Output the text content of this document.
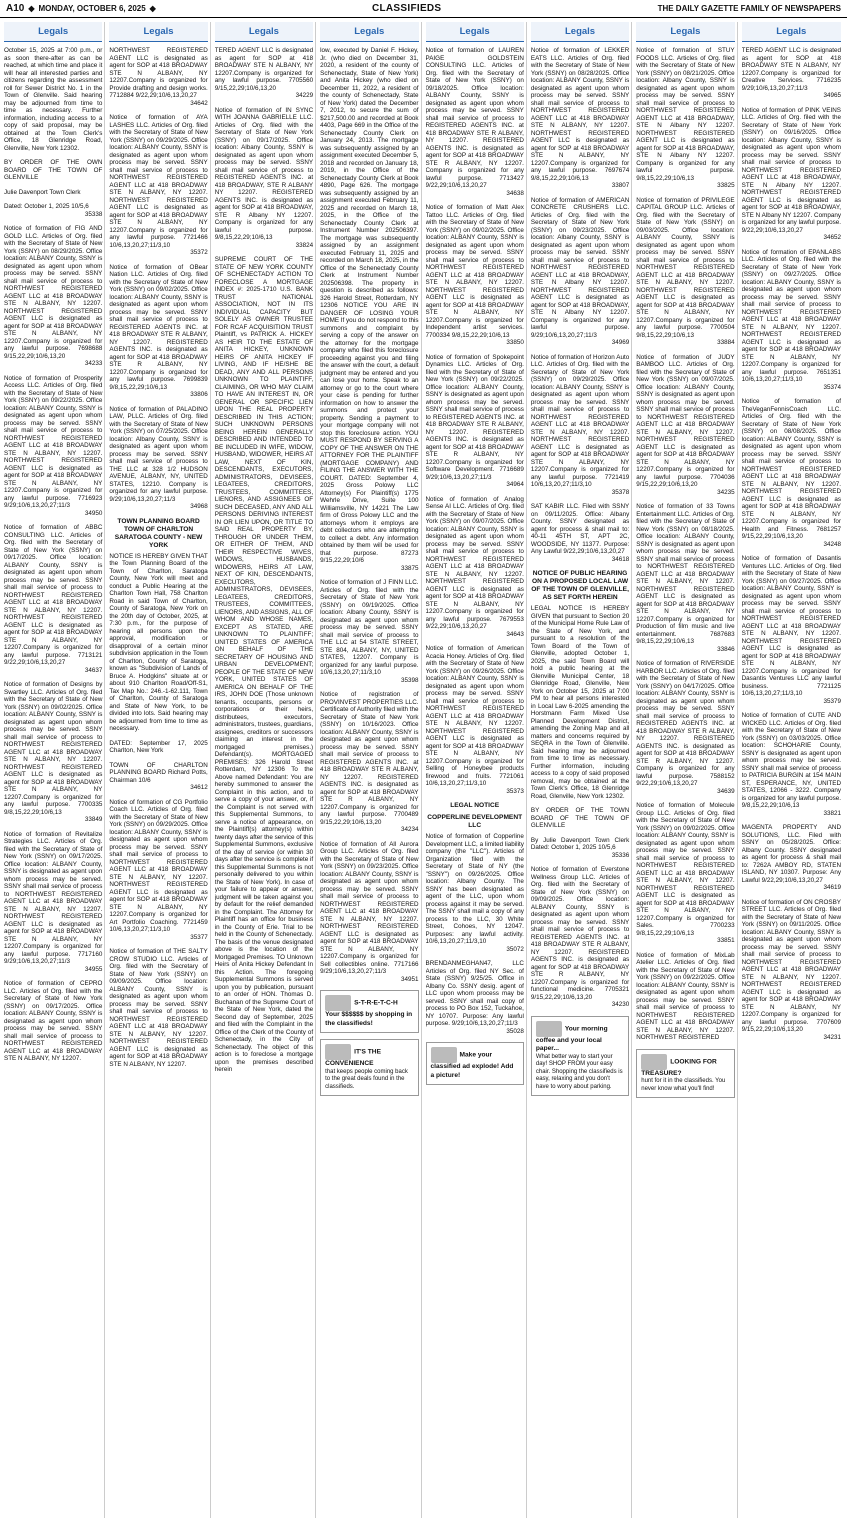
A10 ◆ MONDAY, OCTOBER 6, 2025 ◆	CLASSIFIEDS	THE DAILY GAZETTE FAMILY OF NEWSPAPERS
Legals
October 15, 2025 at 7:00 p.m., or as soon there-after as can be reached, at which time and place it will hear all interested parties and citizens regarding the assessment roll for Sewer District No. 1 in the Town of Glenville. Said hearing may be adjourned from time to time as necessary. Further information, including access to a copy of said proposal, may be obtained at the Town Clerk's Office, 18 Glenridge Road, Glenville, New York 12302.
BY ORDER OF THE OWN BOARD OF THE TOWN OF GLENVILLE
Julie Davenport Town Clerk
Dated: October 1, 2025 10/5,6
35338
Notice of formation of FIG AND GOLD LLC. Articles of Org. filed with the Secretary of State of New York (SSNY) on 08/29/2025. Office location: ALBANY County, SSNY is designated as agent upon whom process may be served. SSNY shall mail service of process to NORTHWEST REGISTERED AGENT LLC at 418 BROADWAY STE N ALBANY, NY 12207. NORTHWEST REGISTERED AGENT LLC is designated as agent for SOP at 418 BROADWAY STE N ALBANY, NY 12207.Company is organized for any lawful purpose. 7698688 9/15,22,29;10/6,13,20
34233
Notice of formation of Prosperity Access LLC. Articles of Org. filed with the Secretary of State of New York (SSNY) on 09/22/2025. Office location: ALBANY County, SSNY is designated as agent upon whom process may be served. SSNY shall mail service of process to NORTHWEST REGISTERED AGENT LLC at 418 BROADWAY STE N ALBANY, NY 12207. NORTHWEST REGISTERED AGENT LLC is designated as agent for SOP at 418 BROADWAY STE N ALBANY, NY 12207.Company is organized for any lawful purpose. 7716923 9/29;10/6,13,20,27;11/3
34950
Notice of formation of ABBC CONSULTING LLC. Articles of Org. filed with the Secretary of State of New York (SSNY) on 09/17/2025. Office location: ALBANY County, SSNY is designated as agent upon whom process may be served. SSNY shall mail service of process to NORTHWEST REGISTERED AGENT LLC at 418 BROADWAY STE N ALBANY, NY 12207. NORTHWEST REGISTERED AGENT LLC is designated as agent for SOP at 418 BROADWAY STE N ALBANY, NY 12207.Company is organized for any lawful purpose. 7713121 9/22,29;10/6,13,20,27
34637
Notice of formation of Designs by Swartley LLC. Articles of Org. filed with the Secretary of State of New York (SSNY) on 09/02/2025. Office location: ALBANY County, SSNY is designated as agent upon whom process may be served. SSNY shall mail service of process to NORTHWEST REGISTERED AGENT LLC at 418 BROADWAY STE N ALBANY, NY 12207. NORTHWEST REGISTERED AGENT LLC is designated as agent for SOP at 418 BROADWAY STE N ALBANY, NY 12207.Company is organized for any lawful purpose. 7700335 9/8,15,22,29;10/6,13
33849
Notice of formation of Revitalize Strategies LLC. Articles of Org. filed with the Secretary of State of New York (SSNY) on 09/17/2025. Office location: ALBANY County, SSNY is designated as agent upon whom process may be served. SSNY shall mail service of process to NORTHWEST REGISTERED AGENT LLC at 418 BROADWAY STE N ALBANY, NY 12207. NORTHWEST REGISTERED AGENT LLC is designated as agent for SOP at 418 BROADWAY STE N ALBANY, NY 12207.Company is organized for any lawful purpose. 7717160 9/29;10/6,13,20,27;11/3
34955
Notice of formation of CEPRO LLC. Articles of Org. filed with the Secretary of State of New York (SSNY) on 09/17/2025. Office location: ALBANY County, SSNY is designated as agent upon whom process may be served. SSNY shall mail service of process to NORTHWEST REGISTERED AGENT LLC at 418 BROADWAY STE N ALBANY, NY 12207.
Legals
NORTHWEST REGISTERED AGENT LLC is designated as agent for SOP at 418 BROADWAY STE N ALBANY, NY 12207.Company is organized for Provide drafting and design works. 7712884 9/22,29;10/6,13,20,27
34642
Notice of formation of AYA LASHES LLC. Articles of Org. filed with the Secretary of State of New York (SSNY) on 09/29/2025. Office location: ALBANY County, SSNY is designated as agent upon whom process may be served. SSNY shall mail service of process to NORTHWEST REGISTERED AGENT LLC at 418 BROADWAY STE N ALBANY, NY 12207. NORTHWEST REGISTERED AGENT LLC is designated as agent for SOP at 418 BROADWAY STE N ALBANY, NY 12207.Company is organized for any lawful purpose. 7721466 10/6,13,20,27;11/3,10
35372
Notice of formation of OBear Nation LLC. Articles of Org. filed with the Secretary of State of New York (SSNY) on 09/02/2025. Office location: ALBANY County, SSNY is designated as agent upon whom process may be served. SSNY shall mail service of process to REGISTERED AGENTS INC. at 418 BROADWAY STE R ALBANY, NY 12207. REGISTERED AGENTS INC. is designated as agent for SOP at 418 BROADWAY STE R ALBANY, NY 12207.Company is organized for any lawful purpose. 7699839 9/8,15,22,29;10/6,13
33806
Notice of formation of PALADINO LAW, PLLC. Articles of Org. filed with the Secretary of State of New York (SSNY) on 07/25/2025. Office location: Albany County, SSNY is designated as agent upon whom process may be served. SSNY shall mail service of process to THE LLC at 328 1/2 HUDSON AVENUE, ALBANY, NY, UNITED STATES, 12210. Company is organized for any lawful purpose. 9/29;10/6,13,20,27;11/3
34968
TOWN PLANNING BOARD TOWN OF CHARLTON SARATOGA COUNTY - NEW YORK
NOTICE IS HEREBY GIVEN THAT the Town Planning Board of the Town of Charlton, Saratoga County, New York will meet and conduct a Public Hearing at the Charlton Town Hall, 758 Charlton Road in said Town of Charlton, County of Saratoga, New York on the 20th day of October, 2025, at 7:30 p.m., for the purpose of hearing all persons upon the approval, modification or disapproval of a certain minor subdivision application in the Town of Charlton, County of Saratoga, known as "Subdivision of Lands of Bruce A. Hodgkins" situate at or about 910 Charlton Road/Off-S1, Tax Map No.: 246.-1-62.111, Town of Charlton, County of Saratoga and State of New York, to be divided into lots. Said hearing may be adjourned from time to time as necessary.
DATED: September 17, 2025 Charlton, New York
TOWN OF CHARLTON PLANNING BOARD Richard Potts, Chairman 10/6
34612
Notice of formation of CG Portfolio Coach LLC. Articles of Org. filed with the Secretary of State of New York (SSNY) on 09/29/2025. Office location: ALBANY County, SSNY is designated as agent upon whom process may be served. SSNY shall mail service of process to NORTHWEST REGISTERED AGENT LLC at 418 BROADWAY STE N ALBANY, NY 12207. NORTHWEST REGISTERED AGENT LLC is designated as agent for SOP at 418 BROADWAY STE N ALBANY, NY 12207.Company is organized for Art Portfolio Coaching. 7721459 10/6,13,20,27;11/3,10
35377
Notice of formation of THE SALTY CROW STUDIO LLC. Articles of Org. filed with the Secretary of State of New York (SSNY) on 09/09/2025. Office location: ALBANY County, SSNY is designated as agent upon whom process may be served. SSNY shall mail service of process to NORTHWEST REGISTERED AGENT LLC at 418 BROADWAY STE N ALBANY, NY 12207. NORTHWEST REGISTERED AGENT LLC is designated as agent for SOP at 418 BROADWAY STE N ALBANY, NY 12207.
Legals
TERED AGENT LLC is designated as agent for SOP at 418 BROADWAY STE N ALBANY, NY 12207.Company is organized for any lawful purpose. 7705560 9/15,22,29;10/6,13,20
34229
Notice of formation of IN SYNC WITH JOANNA GABRIELLE LLC. Articles of Org. filed with the Secretary of State of New York (SSNY) on 09/17/2025. Office location: Albany County, SSNY is designated as agent upon whom process may be served. SSNY shall mail service of process to REGISTERED AGENTS INC. at 418 BROADWAY, STE R ALBANY NY 12207. REGISTERED AGENTS INC. is designated as agent for SOP at 418 BROADWAY, STE R Albany NY 12207. Company is organized for any lawful purpose. 9/8,15,22,29;10/6,13
33824
SUPREME COURT OF THE STATE OF NEW YORK COUNTY OF SCHENECTADY ACTION TO FORECLOSE A MORTGAGE INDEX #: 2025-1710 U.S. BANK TRUST NATIONAL ASSOCIATION, NOT IN ITS INDIVIDUAL CAPACITY BUT SOLELY AS OWNER TRUSTEE FOR RCAF ACQUISITION TRUST Plaintiff, vs PATRICK A. HICKEY AS HEIR TO THE ESTATE OF ANITA HICKEY, UNKNOWN HEIRS OF ANITA HICKEY IF LIVING, AND IF HE/SHE BE DEAD, ANY AND ALL PERSONS UNKNOWN TO PLAINTIFF, CLAIMING, OR WHO MAY CLAIM TO HAVE AN INTEREST IN, OR GENERAL OR SPECIFIC LIEN UPON THE REAL PROPERTY DESCRIBED IN THIS ACTION; SUCH UNKNOWN PERSONS BEING HEREIN GENERALLY DESCRIBED AND INTENDED TO BE INCLUDED IN WIFE, WIDOW, HUSBAND, WIDOWER, HEIRS AT LAW, NEXT OF KIN, DESCENDANTS, EXECUTORS, ADMINISTRATORS, DEVISEES, LEGATEES, CREDITORS, TRUSTEES, COMMITTEES, LIENORS, AND ASSIGNEES OF SUCH DECEASED, ANY AND ALL PERSONS DERIVING INTEREST IN OR LIEN UPON, OR TITLE TO SAID REAL PROPERTY BY, THROUGH OR UNDER THEM, OR EITHER OF THEM, AND THEIR RESPECTIVE WIVES, WIDOWS, HUSBANDS, WIDOWERS, HEIRS AT LAW, NEXT OF KIN, DESCENDANTS, EXECUTORS, ADMINISTRATORS, DEVISEES, LEGATEES, CREDITORS, TRUSTEES, COMMITTEES, LIENORS, AND ASSIGNS, ALL OF WHOM AND WHOSE NAMES, EXCEPT AS STATED, ARE UNKNOWN TO PLAINTIFF; UNITED STATES OF AMERICA ON BEHALF OF THE SECRETARY OF HOUSING AND URBAN DEVELOPMENT; PEOPLE OF THE STATE OF NEW YORK, UNITED STATES OF AMERICA ON BEHALF OF THE IRS, JOHN DOE (Those unknown tenants, occupants, persons or corporations or their heirs, distributees, executors, administrators, trustees, guardians, assignees, creditors or successors claiming an interest in the mortgaged premises.) Defendant(s). MORTGAGED PREMISES: 326 Harold Street Rotterdam, NY 12306 To the Above named Defendant: You are hereby summoned to answer the Complaint in this action, and to serve a copy of your answer, or, if the Complaint is not served with this Supplemental Summons, to serve a notice of appearance, on the Plaintiff(s) attorney(s) within twenty days after the service of this Supplemental Summons, exclusive of the day of service (or within 30 days after the service is complete if this Supplemental Summons is not personally delivered to you within the State of New York). In case of your failure to appear or answer, judgment will be taken against you by default for the relief demanded in the Complaint. The Attorney for Plaintiff has an office for business in the County of Erie. Trial to be held in the County of Schenectady. The basis of the venue designated above is the location of the Mortgaged Premises. TO Unknown Heirs of Anita Hickey Defendant In this Action. The foregoing Supplemental Summons is served upon you by publication, pursuant to an order of HON. Thomas D. Buchanan of the Supreme Court of the State of New York, dated the Second day of September, 2025 and filed with the Complaint in the Office of the Clerk of the County of Schenectady, in the City of Schenectady. The object of this action is to foreclose a mortgage upon the premises described herein
Legals
low, executed by Daniel F. Hickey, Jr. (who died on December 31, 2020, a resident of the county of Schenectady, State of New York) and Anita Hickey (who died on December 11, 2022, a resident of the county of Schenectady, State of New York) dated the December 7, 2012, to secure the sum of $217,500.00 and recorded at Book 4403, Page 669 in the Office of the Schenectady County Clerk on January 24, 2013. The mortgage was subsequently assigned by an assignment executed December 5, 2018 and recorded on January 18, 2019, in the Office of the Schenectady County Clerk at Book 4890, Page 626. The mortgage was subsequently assigned by an assignment executed February 11, 2025 and recorded on March 18, 2025, in the Office of the Schenectady County Clerk at Instrument Number 202506397. The mortgage was subsequently assigned by an assignment executed February 11, 2025 and recorded on March 18, 2025, in the Office of the Schenectady County Clerk at Instrument Number 202506398. The property in question is described as follows: 326 Harold Street, Rotterdam, NY 12306 NOTICE YOU ARE IN DANGER OF LOSING YOUR HOME If you do not respond to this summons and complaint by serving a copy of the answer on the attorney for the mortgage company who filed this foreclosure proceeding against you and filing the answer with the court, a default judgment may be entered and you can lose your home. Speak to an attorney or go to the court where your case is pending for further information on how to answer the summons and protect your property. Sending a payment to your mortgage company will not stop this foreclosure action. YOU MUST RESPOND BY SERVING A COPY OF THE ANSWER ON THE ATTORNEY FOR THE PLAINTIFF (MORTGAGE COMPANY) AND FILING THE ANSWER WITH THE COURT. DATED: September 4, 2025 Gross Polowy LLC Attorney(s) For Plaintiff(s) 1775 Wehrle Drive, Suite 100 Williamsville, NY 14221 The Law firm of Gross Polowy LLC and the attorneys whom it employs are debt collectors who are attempting to collect a debt. Any information obtained by them will be used for that purpose. 87273 9/15,22,29;10/6
33875
Notice of formation of J FINN LLC. Articles of Org. filed with the Secretary of State of New York (SSNY) on 09/19/2025. Office location: Albany County, SSNY is designated as agent upon whom process may be served. SSNY shall mail service of process to THE LLC at 54 STATE STREET, STE 804, ALBANY, NY, UNITED STATES, 12207. Company is organized for any lawful purpose. 10/6,13,20,27;11/3,10
35398
Notice of registration of PROVINVEST PROPERTIES LLC. Certificate of Authority filed with the Secretary of State of New York (SSNY) on 10/16/2023. Office location: ALBANY County, SSNY is designated as agent upon whom process may be served. SSNY shall mail service of process to REGISTERED AGENTS INC. at 418 BROADWAY STE R ALBANY, NY 12207. REGISTERED AGENTS INC. is designated as agent for SOP at 418 BROADWAY STE R ALBANY, NY 12207.Company is organized for any lawful purpose. 7700489 9/15,22,29;10/6,13,20
34234
Notice of formation of All Aurora Group LLC. Articles of Org. filed with the Secretary of State of New York (SSNY) on 09/23/2025. Office location: ALBANY County, SSNY is designated as agent upon whom process may be served. SSNY shall mail service of process to NORTHWEST REGISTERED AGENT LLC at 418 BROADWAY STE N ALBANY, NY 12207. NORTHWEST REGISTERED AGENT LLC is designated as agent for SOP at 418 BROADWAY STE N ALBANY, NY 12207.Company is organized for Sell collectibles online. 7717166 9/29;10/6,13,20,27;11/3
34951
S-T-R-E-T-C-H Your $$$$$$ by shopping in the classifieds!
IT'S THE CONVENIENCE
that keeps people coming back to the great deals found in the classifieds.
Legals
Notice of formation of LAUREN PAIGE GOLDSTEIN CONSULTING LLC. Articles of Org. filed with the Secretary of State of New York (SSNY) on 09/18/2025. Office location: ALBANY County, SSNY is designated as agent upon whom process may be served. SSNY shall mail service of process to REGISTERED AGENTS INC. at 418 BROADWAY STE R ALBANY, NY 12207. REGISTERED AGENTS INC. is designated as agent for SOP at 418 BROADWAY STE R ALBANY, NY 12207. Company is organized for any lawful purpose. 7713427 9/22,29;10/6,13,20,27
34638
Notice of formation of Matt Alex Tattoo LLC. Articles of Org. filed with the Secretary of State of New York (SSNY) on 09/02/2025. Office location: ALBANY County, SSNY is designated as agent upon whom process may be served. SSNY shall mail service of process to NORTHWEST REGISTERED AGENT LLC at 418 BROADWAY STE N ALBANY, NY 12207. NORTHWEST REGISTERED AGENT LLC is designated as agent for SOP at 418 BROADWAY STE N ALBANY, NY 12207.Company is organized for Independent artist services. 7700334 9/8,15,22,29;10/6,13
33850
Notice of formation of Spokepoint Dynamics LLC. Articles of Org. filed with the Secretary of State of New York (SSNY) on 09/22/2025. Office location: ALBANY County, SSNY is designated as agent upon whom process may be served. SSNY shall mail service of process to REGISTERED AGENTS INC. at 418 BROADWAY STE R ALBANY, NY 12207. REGISTERED AGENTS INC. is designated as agent for SOP at 418 BROADWAY STE R ALBANY, NY 12207.Company is organized for Software Development. 7716689 9/29;10/6,13,20,27;11/3
34964
Notice of formation of Analog Sense AI LLC. Articles of Org. filed with the Secretary of State of New York (SSNY) on 09/07/2025. Office location: ALBANY County, SSNY is designated as agent upon whom process may be served. SSNY shall mail service of process to NORTHWEST REGISTERED AGENT LLC at 418 BROADWAY STE N ALBANY, NY 12207. NORTHWEST REGISTERED AGENT LLC is designated as agent for SOP at 418 BROADWAY STE N ALBANY, NY 12207.Company is organized for any lawful purpose. 7679553 9/22,29;10/6,13,20,27
34643
Notice of formation of American Acacia Honey. Articles of Org. filed with the Secretary of State of New York (SSNY) on 09/26/2025. Office location: ALBANY County, SSNY is designated as agent upon whom process may be served. SSNY shall mail service of process to NORTHWEST REGISTERED AGENT LLC at 418 BROADWAY STE N ALBANY, NY 12207. NORTHWEST REGISTERED AGENT LLC is designated as agent for SOP at 418 BROADWAY STE N ALBANY, NY 12207.Company is organized for Selling of Honeybee products firewood and fruits. 7721061 10/6,13,20,27;11/3,10
35373
LEGAL NOTICE
COPPERLINE DEVELOPMENT LLC
Notice of formation of Copperline Development LLC, a limited liability company (the "LLC"). Articles of Organization filed with the Secretary of State of NY (the "SSNY") on 09/26/2025. Office location: Albany County. The SSNY has been designated as agent of the LLC, upon whom process against it may be served. The SSNY shall mail a copy of any process to the LLC, 30 White Street, Cohoes, NY 12047. Purposes: any lawful activity. 10/6,13,20,27;11/3,10
35072
BRENDANMEGHAN47, LLC Articles of Org. filed NY Sec. of State (SSNY) 9/25/25. Office in Albany Co. SSNY desig. agent of LLC upon whom process may be served. SSNY shall mail copy of process to PO Box 152, Tuckahoe, NY 10707. Purpose: Any lawful purpose. 9/29;10/6,13,20,27;11/3
35028
Make your classified ad explode! Add a picture!
Legals
Notice of formation of LEKKER EATS LLC. Articles of Org. filed with the Secretary of State of New York (SSNY) on 08/28/2025. Office location: ALBANY County, SSNY is designated as agent upon whom process may be served. SSNY shall mail service of process to NORTHWEST REGISTERED AGENT LLC at 418 BROADWAY STE N ALBANY, NY 12207. NORTHWEST REGISTERED AGENT LLC is designated as agent for SOP at 418 BROADWAY STE N ALBANY, NY 12207.Company is organized for any lawful purpose. 7697674 9/8,15,22,29;10/6,13
33807
Notice of formation of AMERICAN CONCRETE CRUSHERS LLC. Articles of Org. filed with the Secretary of State of New York (SSNY) on 09/23/2025. Office location: Albany County, SSNY is designated as agent upon whom process may be served. SSNY shall mail service of process to NORTHWEST REGISTERED AGENT LLC at 418 BROADWAY, STE N Albany NY 12207. NORTHWEST REGISTERED AGENT LLC is designated as agent for SOP at 418 BROADWAY, STE N Albany NY 12207. Company is organized for any lawful purpose. 9/29;10/6,13,20,27;11/3
34969
Notice of formation of Horizon Auto LLC. Articles of Org. filed with the Secretary of State of New York (SSNY) on 09/29/2025. Office location: ALBANY County, SSNY is designated as agent upon whom process may be served. SSNY shall mail service of process to NORTHWEST REGISTERED AGENT LLC at 418 BROADWAY STE N ALBANY, NY 12207. NORTHWEST REGISTERED AGENT LLC is designated as agent for SOP at 418 BROADWAY STE N ALBANY, NY 12207.Company is organized for any lawful purpose. 7721419 10/6,13,20,27;11/3,10
35378
SAT KABIR LLC. Filed with SSNY on 09/11/2025. Office: Albany County. SSNY designated as agent for process & shall mail to: 40-11 45TH ST, APT 2C, WOODSIDE, NY 11377. Purpose: Any Lawful 9/22,29;10/6,13,20,27
34618
NOTICE OF PUBLIC HEARING ON A PROPOSED LOCAL LAW OF THE TOWN OF GLENVILLE, AS SET FORTH HEREIN
LEGAL NOTICE IS HEREBY GIVEN that pursuant to Section 20 of the Municipal Home Rule Law of the State of New York, and pursuant to a resolution of the Town Board of the Town of Glenville, adopted October 1, 2025, the said Town Board will hold a public hearing at the Glenville Municipal Center, 18 Glenridge Road, Glenville, New York on October 15, 2025 at 7:00 PM to hear all persons interested in Local Law 6-2025 amending the Horstmann Farm Mixed Use Planned Development District, amending the Zoning Map and all matters and concerns required by SEQRA in the Town of Glenville. Said hearing may be adjourned from time to time as necessary. Further information, including access to a copy of said proposed removal, may be obtained at the Town Clerk's Office, 18 Glenridge Road, Glenville, New York 12302.
BY ORDER OF THE TOWN BOARD OF THE TOWN OF GLENVILLE
By Julie Davenport Town Clerk Dated: October 1, 2025 10/5,6
35336
Notice of formation of Everstone Wellness Group LLC. Articles of Org. filed with the Secretary of State of New York (SSNY) on 09/09/2025. Office location: ALBANY County, SSNY is designated as agent upon whom process may be served. SSNY shall mail service of process to REGISTERED AGENTS INC. at 418 BROADWAY STE R ALBANY, NY 12207. REGISTERED AGENTS INC. is designated as agent for SOP at 418 BROADWAY STE R ALBANY, NY 12207.Company is organized for functional medicine. 7705321 9/15,22,29;10/6,13,20
34230
Your morning coffee and your local paper...
What better way to start your day! SHOP FROM your easy chair. Shopping the classifieds is easy, relaxing and you don't have to worry about parking.
Legals
Notice of formation of STUY FOODS LLC. Articles of Org. filed with the Secretary of State of New York (SSNY) on 08/21/2025. Office location: Albany County, SSNY is designated as agent upon whom process may be served. SSNY shall mail service of process to NORTHWEST REGISTERED AGENT LLC at 418 BROADWAY, STE N Albany NY 12207. NORTHWEST REGISTERED AGENT LLC is designated as agent for SOP at 418 BROADWAY, STE N Albany NY 12207. Company is organized for any lawful purpose. 9/8,15,22,29;10/6,13
33825
Notice of formation of PRIVILEGE CAPITAL GROUP LLC. Articles of Org. filed with the Secretary of State of New York (SSNY) on 09/03/2025. Office location: ALBANY County, SSNY is designated as agent upon whom process may be served. SSNY shall mail service of process to NORTHWEST REGISTERED AGENT LLC at 418 BROADWAY STE N ALBANY, NY 12207. NORTHWEST REGISTERED AGENT LLC is designated as agent for SOP at 418 BROADWAY STE N ALBANY, NY 12207.Company is organized for any lawful purpose. 7700504 9/8,15,22,29;10/6,13
33884
Notice of formation of JUDY BAMBOO LLC. Articles of Org. filed with the Secretary of State of New York (SSNY) on 09/07/2025. Office location: ALBANY County, SSNY is designated as agent upon whom process may be served. SSNY shall mail service of process to NORTHWEST REGISTERED AGENT LLC at 418 BROADWAY STE N ALBANY, NY 12207. NORTHWEST REGISTERED AGENT LLC is designated as agent for SOP at 418 BROADWAY STE N ALBANY, NY 12207.Company is organized for any lawful purpose. 7704036 9/15,22,29;10/6,13,20
34235
Notice of formation of 33 Towns Entertainment LLC. Articles of Org. filed with the Secretary of State of New York (SSNY) on 08/18/2025. Office location: ALBANY County, SSNY is designated as agent upon whom process may be served. SSNY shall mail service of process to NORTHWEST REGISTERED AGENT LLC at 418 BROADWAY STE N ALBANY, NY 12207. NORTHWEST REGISTERED AGENT LLC is designated as agent for SOP at 418 BROADWAY STE N ALBANY, NY 12207.Company is organized for Production of film music and live entertainment. 7687683 9/8,15,22,29;10/6,13
33846
Notice of formation of RIVERSIDE HARBOR LLC. Articles of Org. filed with the Secretary of State of New York (SSNY) on 04/17/2025. Office location: ALBANY County, SSNY is designated as agent upon whom process may be served. SSNY shall mail service of process to REGISTERED AGENTS INC. at 418 BROADWAY STE R ALBANY, NY 12207. REGISTERED AGENTS INC. is designated as agent for SOP at 418 BROADWAY STE R ALBANY, NY 12207. Company is organized for any lawful purpose. 7588152 9/22,29;10/6,13,20,27
34639
Notice of formation of Molecule Group LLC. Articles of Org. filed with the Secretary of State of New York (SSNY) on 09/02/2025. Office location: ALBANY County, SSNY is designated as agent upon whom process may be served. SSNY shall mail service of process to NORTHWEST REGISTERED AGENT LLC at 418 BROADWAY STE N ALBANY, NY 12207. NORTHWEST REGISTERED AGENT LLC is designated as agent for SOP at 418 BROADWAY STE N ALBANY, NY 12207.Company is organized for Sales. 7700233 9/8,15,22,29;10/6,13
33851
Notice of formation of MixLab Atelier LLC. Articles of Org. filed with the Secretary of State of New York (SSNY) on 09/22/2025. Office location: ALBANY County, SSNY is designated as agent upon whom process may be served. SSNY shall mail service of process to NORTHWEST REGISTERED AGENT LLC at 418 BROADWAY STE N ALBANY, NY 12207. NORTHWEST REGISTERED
LOOKING FOR TREASURE?
hunt for it in the classifieds. You never know what you'll find!
Legals
TERED AGENT LLC is designated as agent for SOP at 418 BROADWAY STE N ALBANY, NY 12207.Company is organized for Creative Services. 7716235 9/29;10/6,13,20,27;11/3
34965
Notice of formation of PINK VEINS LLC. Articles of Org. filed with the Secretary of State of New York (SSNY) on 09/16/2025. Office location: Albany County, SSNY is designated as agent upon whom process may be served. SSNY shall mail service of process to NORTHWEST REGISTERED AGENT LLC at 418 BROADWAY, STE N Albany NY 12207. NORTHWEST REGISTERED AGENT LLC is designated as agent for SOP at 418 BROADWAY, STE N Albany NY 12207. Company is organized for any lawful purpose. 9/22,29;10/6,13,20,27
34652
Notice of formation of EPANLABS LLC. Articles of Org. filed with the Secretary of State of New York (SSNY) on 09/27/2025. Office location: ALBANY County, SSNY is designated as agent upon whom process may be served. SSNY shall mail service of process to NORTHWEST REGISTERED AGENT LLC at 418 BROADWAY STE N ALBANY, NY 12207. NORTHWEST REGISTERED AGENT LLC is designated as agent for SOP at 418 BROADWAY STE N ALBANY, NY 12207.Company is organized for any lawful purpose. 7651351 10/6,13,20,27;11/3,10
35374
Notice of formation of TheVeganFennisCoach LLC. Articles of Org. filed with the Secretary of State of New York (SSNY) on 08/08/2025. Office location: ALBANY County, SSNY is designated as agent upon whom process may be served. SSNY shall mail service of process to NORTHWEST REGISTERED AGENT LLC at 418 BROADWAY STE N ALBANY, NY 12207. NORTHWEST REGISTERED AGENT LLC is designated as agent for SOP at 418 BROADWAY STE N ALBANY, NY 12207.Company is organized for Health and Fitness. 7681257 9/15,22,29;10/6,13,20
34248
Notice of formation of Dasantis Ventures LLC. Articles of Org. filed with the Secretary of State of New York (SSNY) on 09/27/2025. Office location: ALBANY County, SSNY is designated as agent upon whom process may be served. SSNY shall mail service of process to NORTHWEST REGISTERED AGENT LLC at 418 BROADWAY STE N ALBANY, NY 12207. NORTHWEST REGISTERED AGENT LLC is designated as agent for SOP at 418 BROADWAY STE N ALBANY, NY 12207.Company is organized for Dasantis Ventures LLC any lawful business. 7721125 10/6,13,20,27;11/3,10
35379
Notice of formation of CUTE AND WICKED LLC. Articles of Org. filed with the Secretary of State of New York (SSNY) on 03/03/2025. Office location: SCHOHARIE County, SSNY is designated as agent upon whom process may be served. SSNY shall mail service of process to PATRICIA BURGIN at 154 MAIN ST, ESPERANCE, NY, UNITED STATES, 12066 - 3222. Company is organized for any lawful purpose. 9/8,15,22,29;10/6,13
33821
MAGENTA PROPERTY AND SOLUTIONS, LLC. Filed with SSNY on 05/28/2025. Office: Albany County. SSNY designated as agent for process & shall mail to: 7262A AMBOY RD, STATEN ISLAND, NY 10307. Purpose: Any Lawful 9/22,29;10/6,13,20,27
34619
Notice of formation of ON CROSBY STREET LLC. Articles of Org. filed with the Secretary of State of New York (SSNY) on 09/11/2025. Office location: ALBANY County, SSNY is designated as agent upon whom process may be served. SSNY shall mail service of process to NORTHWEST REGISTERED AGENT LLC at 418 BROADWAY STE N ALBANY, NY 12207. NORTHWEST REGISTERED AGENT LLC is designated as agent for SOP at 418 BROADWAY STE N ALBANY, NY 12207.Company is organized for any lawful purpose. 7707609 9/15,22,29;10/6,13,20
34231
